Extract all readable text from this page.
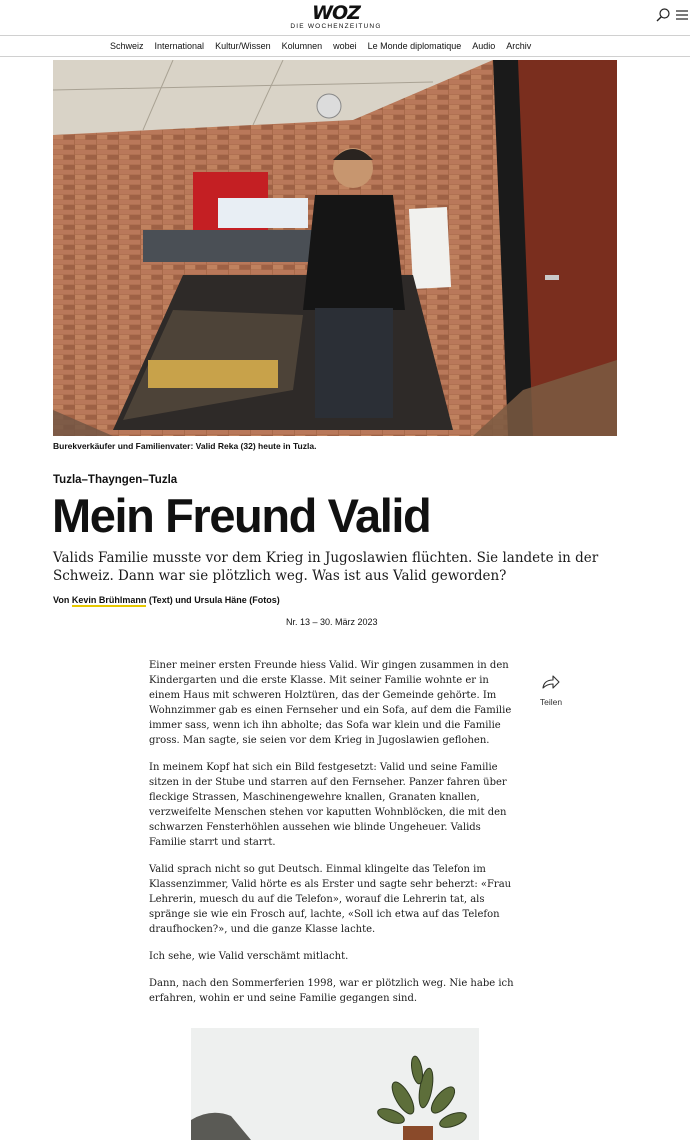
WOZ
DIE WOCHENZEITUNG
Schweiz International Kultur/Wissen Kolumnen wobei Le Monde diplomatique Audio Archiv
Burekverkäufer und Familienvater: Valid Reka (32) heute in Tuzla.
Tuzla–Thayngen–Tuzla
Mein Freund Valid
Valids Familie musste vor dem Krieg in Jugoslawien flüchten. Sie landete in der Schweiz. Dann war sie plötzlich weg. Was ist aus Valid geworden?
Von Kevin Brühlmann (Text) und Ursula Häne (Fotos)
Nr. 13 – 30. März 2023

Einer meiner ersten Freunde hiess Valid. Wir gingen zusammen in den Kindergarten und die erste Klasse. Mit seiner Familie wohnte er in einem Haus mit schweren Holztüren, das der Gemeinde gehörte. Im Wohnzimmer gab es einen Fernseher und ein Sofa, auf dem die Familie immer sass, wenn ich ihn abholte; das Sofa war klein und die Familie gross. Man sagte, sie seien vor dem Krieg in Jugoslawien geflohen.

In meinem Kopf hat sich ein Bild festgesetzt: Valid und seine Familie sitzen in der Stube und starren auf den Fernseher. Panzer fahren über fleckige Strassen, Maschinengewehre knallen, Granaten knallen, verzweifelte Menschen stehen vor kaputten Wohnblöcken, die mit den schwarzen Fensterhöhlen aussehen wie blinde Ungeheuer. Valids Familie starrt und starrt.

Valid sprach nicht so gut Deutsch. Einmal klingelte das Telefon im Klassenzimmer, Valid hörte es als Erster und sagte sehr beherzt: «Frau Lehrerin, muesch du auf die Telefon», worauf die Lehrerin tat, als spränge sie wie ein Frosch auf, lachte, «Soll ich etwa auf das Telefon draufhocken?», und die ganze Klasse lachte.

Ich sehe, wie Valid verschämt mitlacht.

Dann, nach den Sommerferien 1998, war er plötzlich weg. Nie habe ich erfahren, wohin er und seine Familie gegangen sind.

Teilen
